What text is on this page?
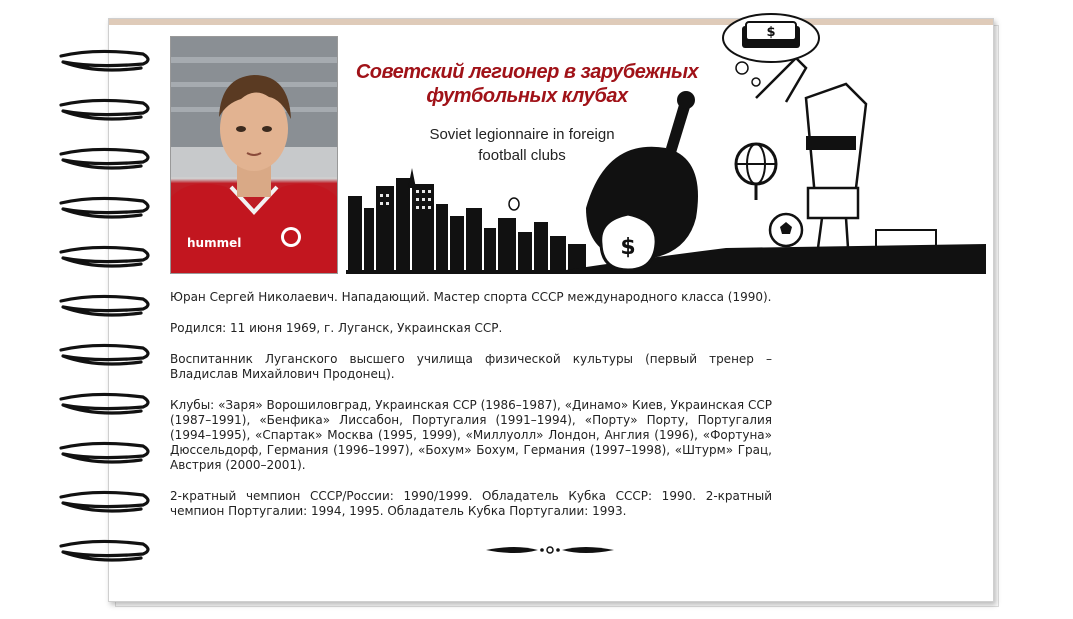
hummel	$
$
Советский легионер в зарубежных футбольных клубах
Soviet legionnaire in foreign football clubs

Юран Сергей Николаевич. Нападающий. Мастер спорта СССР международного класса (1990).

Родился: 11 июня 1969, г. Луганск, Украинская ССР.

Воспитанник Луганского высшего училища физической культуры (первый тренер – Владислав Михайлович Продонец).

Клубы: «Заря» Ворошиловград, Украинская ССР (1986–1987), «Динамо» Киев, Украинская ССР (1987–1991), «Бенфика» Лиссабон, Португалия (1991–1994), «Порту» Порту, Португалия (1994–1995), «Спартак» Москва (1995, 1999), «Миллуолл» Лондон, Англия (1996), «Фортуна» Дюссельдорф, Германия (1996–1997), «Бохум» Бохум, Германия (1997–1998), «Штурм» Грац, Австрия (2000–2001).

2-кратный чемпион СССР/России: 1990/1999. Обладатель Кубка СССР: 1990. 2-кратный чемпион Португалии: 1994, 1995. Обладатель Кубка Португалии: 1993.
